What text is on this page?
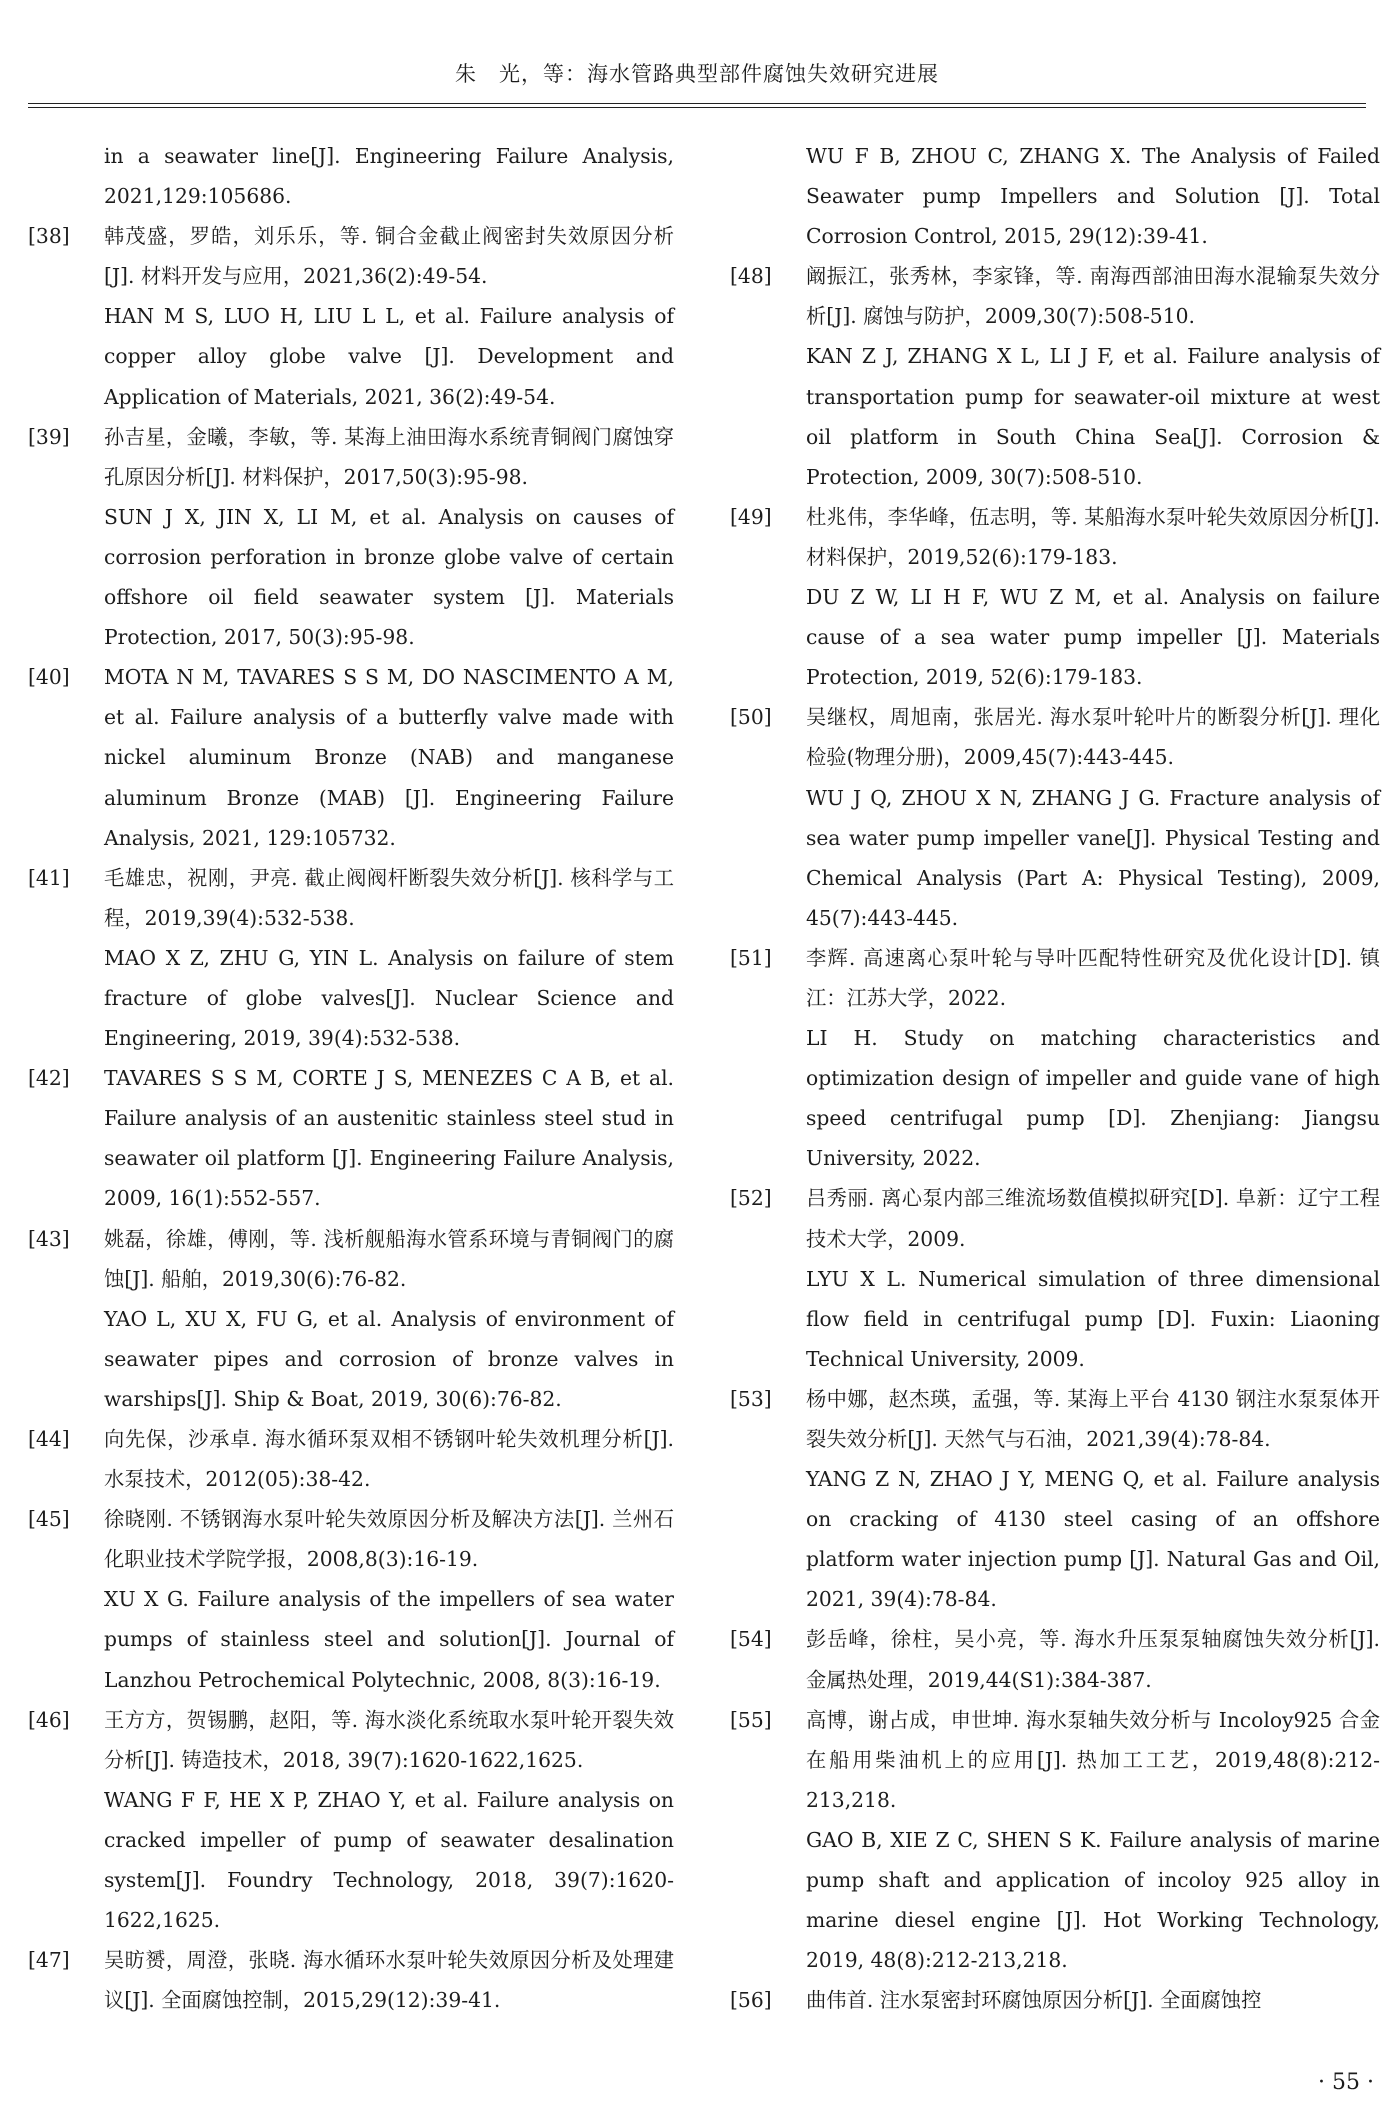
朱　光，等：海水管路典型部件腐蚀失效研究进展

in a seawater line[J]. Engineering Failure Analysis, 2021,129:105686.

[38] 韩茂盛，罗皓，刘乐乐，等. 铜合金截止阀密封失效原因分析[J]. 材料开发与应用，2021,36(2):49-54.

HAN M S, LUO H, LIU L L, et al. Failure analysis of copper alloy globe valve [J]. Development and Application of Materials, 2021, 36(2):49-54.

[39] 孙吉星，金曦，李敏，等. 某海上油田海水系统青铜阀门腐蚀穿孔原因分析[J]. 材料保护，2017,50(3):95-98.

SUN J X, JIN X, LI M, et al. Analysis on causes of corrosion perforation in bronze globe valve of certain offshore oil field seawater system [J]. Materials Protection, 2017, 50(3):95-98.

[40] MOTA N M, TAVARES S S M, DO NASCIMENTO A M, et al. Failure analysis of a butterfly valve made with nickel aluminum Bronze (NAB) and manganese aluminum Bronze (MAB) [J]. Engineering Failure Analysis, 2021, 129:105732.

[41] 毛雄忠，祝刚，尹亮. 截止阀阀杆断裂失效分析[J]. 核科学与工程，2019,39(4):532-538.

MAO X Z, ZHU G, YIN L. Analysis on failure of stem fracture of globe valves[J]. Nuclear Science and Engineering, 2019, 39(4):532-538.

[42] TAVARES S S M, CORTE J S, MENEZES C A B, et al. Failure analysis of an austenitic stainless steel stud in seawater oil platform [J]. Engineering Failure Analysis, 2009, 16(1):552-557.

[43] 姚磊，徐雄，傅刚，等. 浅析舰船海水管系环境与青铜阀门的腐蚀[J]. 船舶，2019,30(6):76-82.

YAO L, XU X, FU G, et al. Analysis of environment of seawater pipes and corrosion of bronze valves in warships[J]. Ship & Boat, 2019, 30(6):76-82.

[44] 向先保，沙承卓. 海水循环泵双相不锈钢叶轮失效机理分析[J]. 水泵技术，2012(05):38-42.

[45] 徐晓刚. 不锈钢海水泵叶轮失效原因分析及解决方法[J]. 兰州石化职业技术学院学报，2008,8(3):16-19.

XU X G. Failure analysis of the impellers of sea water pumps of stainless steel and solution[J]. Journal of Lanzhou Petrochemical Polytechnic, 2008, 8(3):16-19.

[46] 王方方，贺锡鹏，赵阳，等. 海水淡化系统取水泵叶轮开裂失效分析[J]. 铸造技术，2018, 39(7):1620-1622,1625.

WANG F F, HE X P, ZHAO Y, et al. Failure analysis on cracked impeller of pump of seawater desalination system[J]. Foundry Technology, 2018, 39(7):1620-1622,1625.

[47] 吴昉赟，周澄，张晓. 海水循环水泵叶轮失效原因分析及处理建议[J]. 全面腐蚀控制，2015,29(12):39-41.

WU F B, ZHOU C, ZHANG X. The Analysis of Failed Seawater pump Impellers and Solution [J]. Total Corrosion Control, 2015, 29(12):39-41.

[48] 阚振江，张秀林，李家锋，等. 南海西部油田海水混输泵失效分析[J]. 腐蚀与防护，2009,30(7):508-510.

KAN Z J, ZHANG X L, LI J F, et al. Failure analysis of transportation pump for seawater-oil mixture at west oil platform in South China Sea[J]. Corrosion & Protection, 2009, 30(7):508-510.

[49] 杜兆伟，李华峰，伍志明，等. 某船海水泵叶轮失效原因分析[J]. 材料保护，2019,52(6):179-183.

DU Z W, LI H F, WU Z M, et al. Analysis on failure cause of a sea water pump impeller [J]. Materials Protection, 2019, 52(6):179-183.

[50] 吴继权，周旭南，张居光. 海水泵叶轮叶片的断裂分析[J]. 理化检验(物理分册)，2009,45(7):443-445.

WU J Q, ZHOU X N, ZHANG J G. Fracture analysis of sea water pump impeller vane[J]. Physical Testing and Chemical Analysis (Part A: Physical Testing), 2009, 45(7):443-445.

[51] 李辉. 高速离心泵叶轮与导叶匹配特性研究及优化设计[D]. 镇江：江苏大学，2022.

LI H. Study on matching characteristics and optimization design of impeller and guide vane of high speed centrifugal pump [D]. Zhenjiang: Jiangsu University, 2022.

[52] 吕秀丽. 离心泵内部三维流场数值模拟研究[D]. 阜新：辽宁工程技术大学，2009.

LYU X L. Numerical simulation of three dimensional flow field in centrifugal pump [D]. Fuxin: Liaoning Technical University, 2009.

[53] 杨中娜，赵杰瑛，孟强，等. 某海上平台 4130 钢注水泵泵体开裂失效分析[J]. 天然气与石油，2021,39(4):78-84.

YANG Z N, ZHAO J Y, MENG Q, et al. Failure analysis on cracking of 4130 steel casing of an offshore platform water injection pump [J]. Natural Gas and Oil, 2021, 39(4):78-84.

[54] 彭岳峰，徐柱，吴小亮，等. 海水升压泵泵轴腐蚀失效分析[J]. 金属热处理，2019,44(S1):384-387.

[55] 高博，谢占成，申世坤. 海水泵轴失效分析与 Incoloy925 合金在船用柴油机上的应用[J]. 热加工工艺，2019,48(8):212-213,218.

GAO B, XIE Z C, SHEN S K. Failure analysis of marine pump shaft and application of incoloy 925 alloy in marine diesel engine [J]. Hot Working Technology, 2019, 48(8):212-213,218.

[56] 曲伟首. 注水泵密封环腐蚀原因分析[J]. 全面腐蚀控

· 55 ·
